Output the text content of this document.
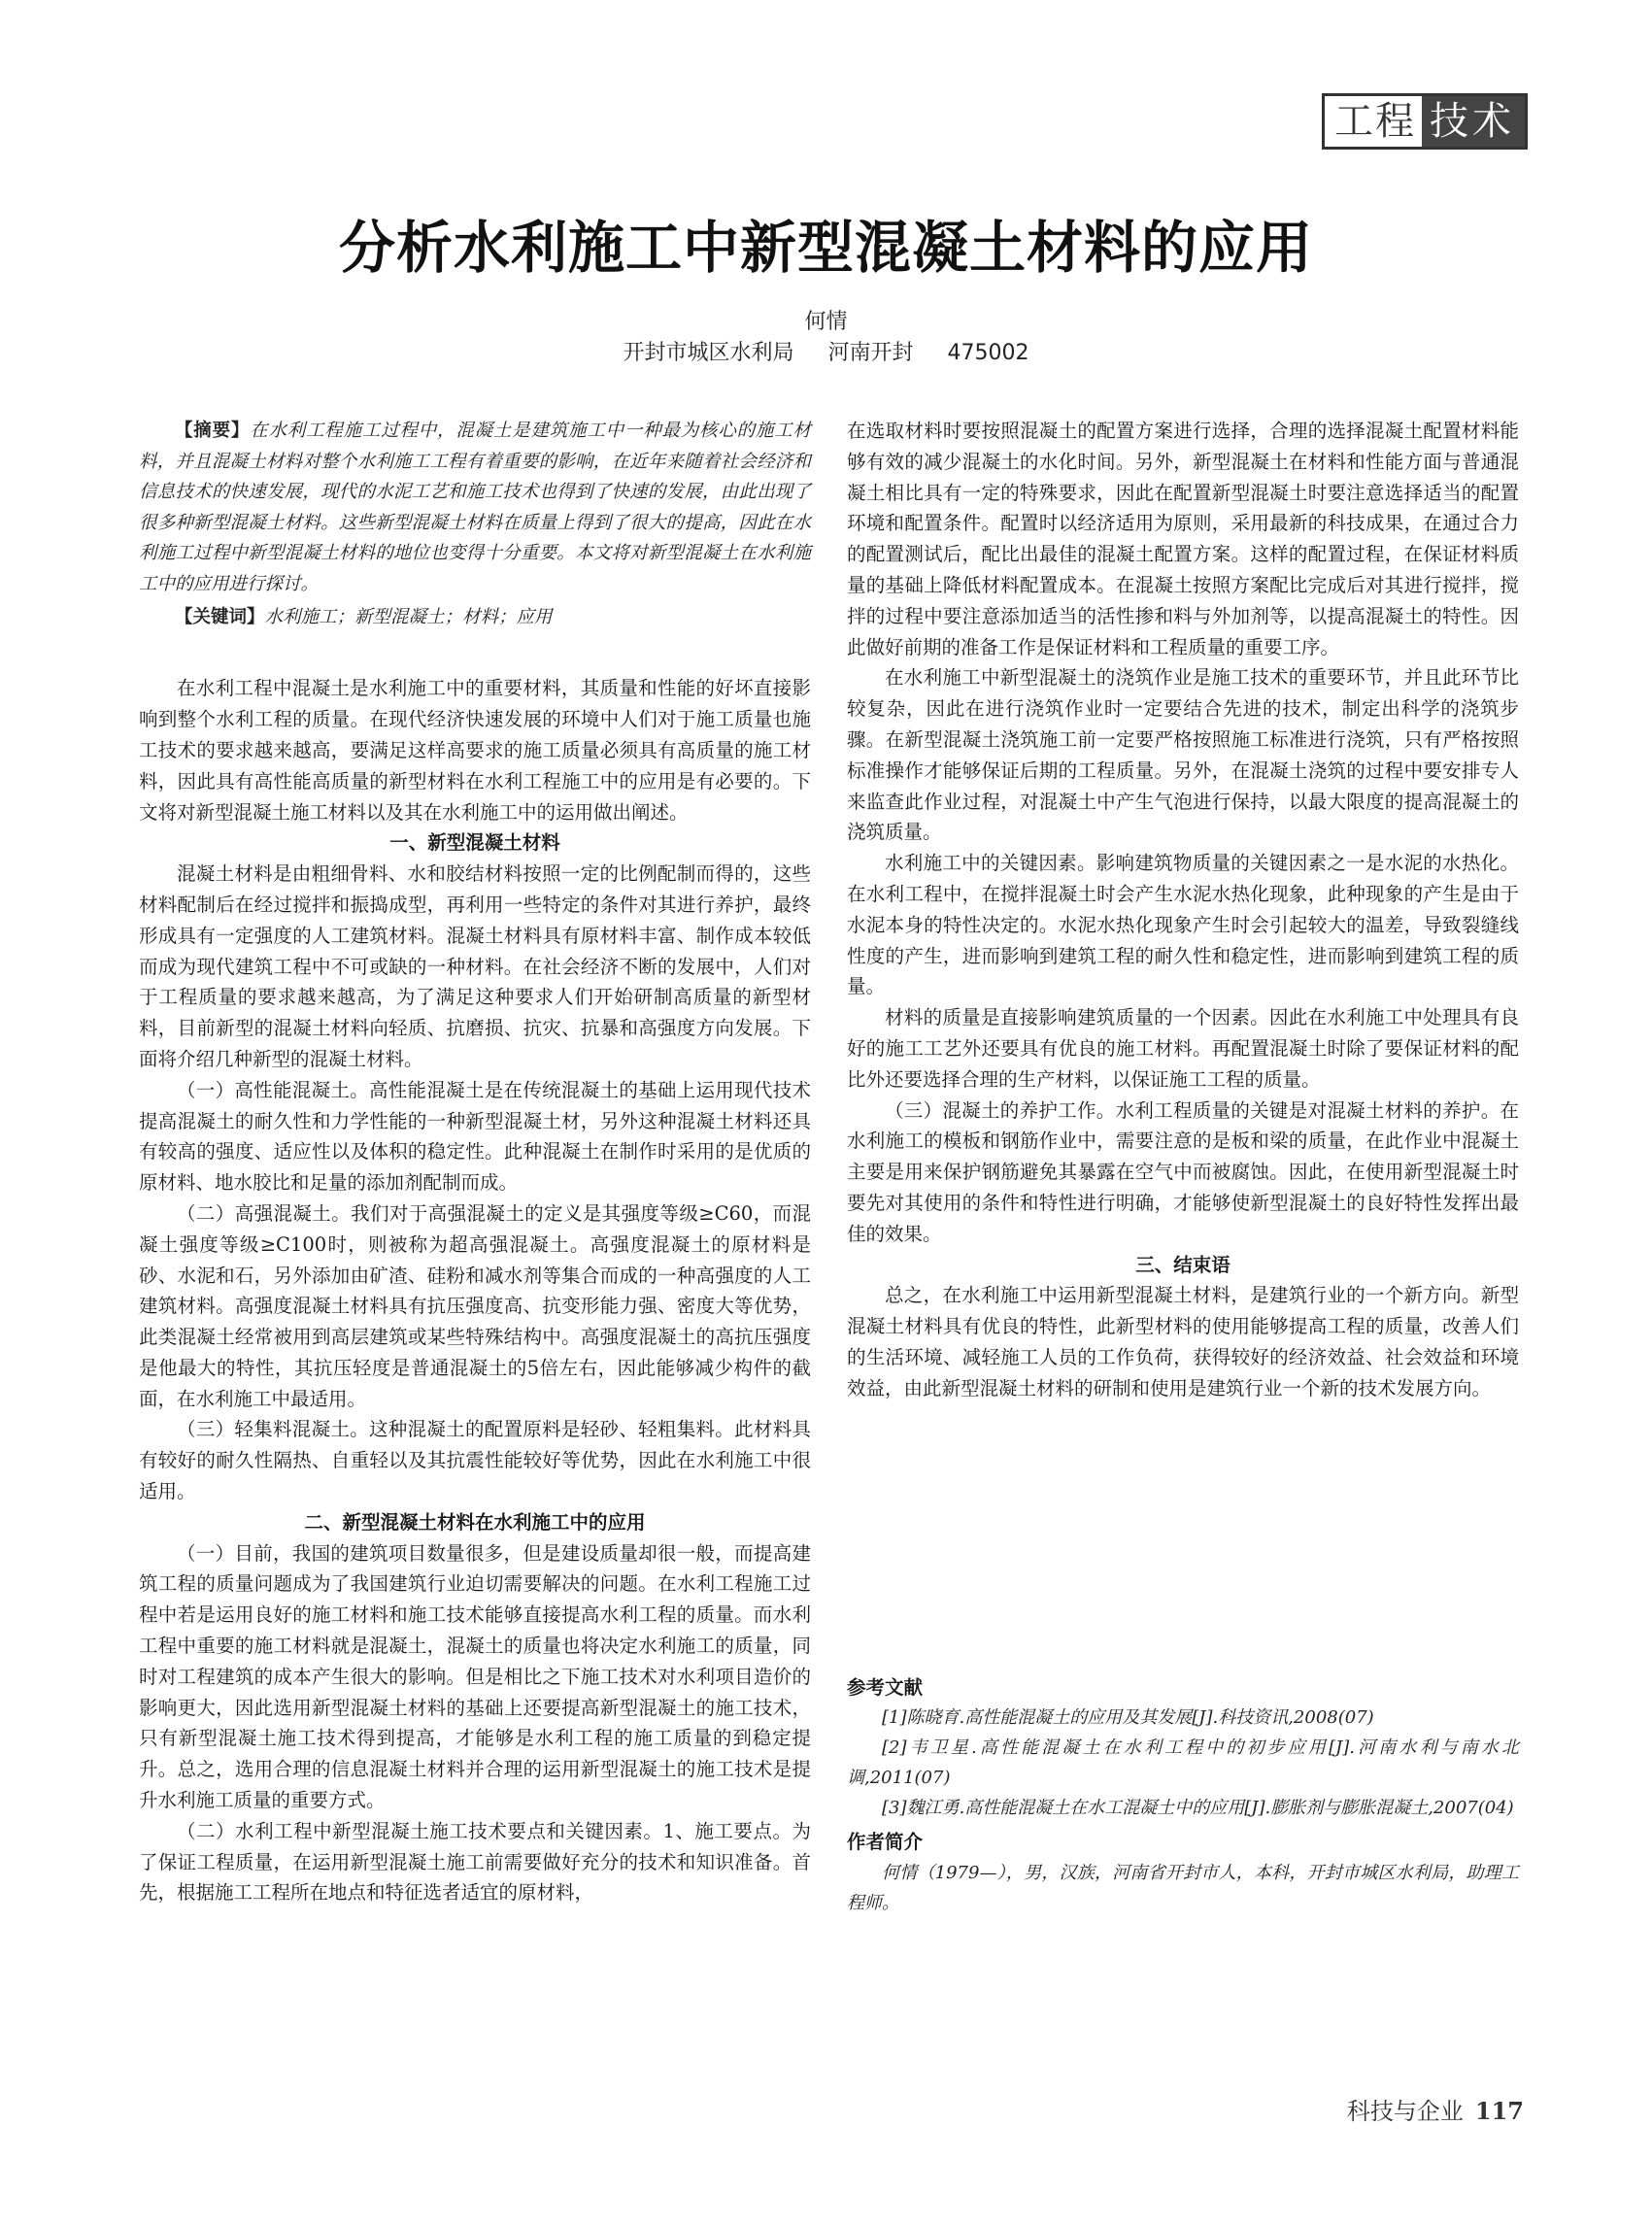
工程 技术
分析水利施工中新型混凝土材料的应用
何情
开封市城区水利局 河南开封 475002

【摘要】在水利工程施工过程中，混凝土是建筑施工中一种最为核心的施工材料，并且混凝土材料对整个水利施工工程有着重要的影响，在近年来随着社会经济和信息技术的快速发展，现代的水泥工艺和施工技术也得到了快速的发展，由此出现了很多种新型混凝土材料。这些新型混凝土材料在质量上得到了很大的提高，因此在水利施工过程中新型混凝土材料的地位也变得十分重要。本文将对新型混凝土在水利施工中的应用进行探讨。

【关键词】水利施工；新型混凝土；材料；应用

在水利工程中混凝土是水利施工中的重要材料，其质量和性能的好坏直接影响到整个水利工程的质量。在现代经济快速发展的环境中人们对于施工质量也施工技术的要求越来越高，要满足这样高要求的施工质量必须具有高质量的施工材料，因此具有高性能高质量的新型材料在水利工程施工中的应用是有必要的。下文将对新型混凝土施工材料以及其在水利施工中的运用做出阐述。

一、新型混凝土材料

混凝土材料是由粗细骨料、水和胶结材料按照一定的比例配制而得的，这些材料配制后在经过搅拌和振捣成型，再利用一些特定的条件对其进行养护，最终形成具有一定强度的人工建筑材料。混凝土材料具有原材料丰富、制作成本较低而成为现代建筑工程中不可或缺的一种材料。在社会经济不断的发展中，人们对于工程质量的要求越来越高，为了满足这种要求人们开始研制高质量的新型材料，目前新型的混凝土材料向轻质、抗磨损、抗灾、抗暴和高强度方向发展。下面将介绍几种新型的混凝土材料。

（一）高性能混凝土。高性能混凝土是在传统混凝土的基础上运用现代技术提高混凝土的耐久性和力学性能的一种新型混凝土材，另外这种混凝土材料还具有较高的强度、适应性以及体积的稳定性。此种混凝土在制作时采用的是优质的原材料、地水胶比和足量的添加剂配制而成。

（二）高强混凝土。我们对于高强混凝土的定义是其强度等级≥C60，而混凝土强度等级≥C100时，则被称为超高强混凝土。高强度混凝土的原材料是砂、水泥和石，另外添加由矿渣、硅粉和减水剂等集合而成的一种高强度的人工建筑材料。高强度混凝土材料具有抗压强度高、抗变形能力强、密度大等优势，此类混凝土经常被用到高层建筑或某些特殊结构中。高强度混凝土的高抗压强度是他最大的特性，其抗压轻度是普通混凝土的5倍左右，因此能够减少构件的截面，在水利施工中最适用。

（三）轻集料混凝土。这种混凝土的配置原料是轻砂、轻粗集料。此材料具有较好的耐久性隔热、自重轻以及其抗震性能较好等优势，因此在水利施工中很适用。

二、新型混凝土材料在水利施工中的应用

（一）目前，我国的建筑项目数量很多，但是建设质量却很一般，而提高建筑工程的质量问题成为了我国建筑行业迫切需要解决的问题。在水利工程施工过程中若是运用良好的施工材料和施工技术能够直接提高水利工程的质量。而水利工程中重要的施工材料就是混凝土，混凝土的质量也将决定水利施工的质量，同时对工程建筑的成本产生很大的影响。但是相比之下施工技术对水利项目造价的影响更大，因此选用新型混凝土材料的基础上还要提高新型混凝土的施工技术，只有新型混凝土施工技术得到提高，才能够是水利工程的施工质量的到稳定提升。总之，选用合理的信息混凝土材料并合理的运用新型混凝土的施工技术是提升水利施工质量的重要方式。

（二）水利工程中新型混凝土施工技术要点和关键因素。1、施工要点。为了保证工程质量，在运用新型混凝土施工前需要做好充分的技术和知识准备。首先，根据施工工程所在地点和特征选者适宜的原材料，

在选取材料时要按照混凝土的配置方案进行选择，合理的选择混凝土配置材料能够有效的减少混凝土的水化时间。另外，新型混凝土在材料和性能方面与普通混凝土相比具有一定的特殊要求，因此在配置新型混凝土时要注意选择适当的配置环境和配置条件。配置时以经济适用为原则，采用最新的科技成果，在通过合力的配置测试后，配比出最佳的混凝土配置方案。这样的配置过程，在保证材料质量的基础上降低材料配置成本。在混凝土按照方案配比完成后对其进行搅拌，搅拌的过程中要注意添加适当的活性掺和料与外加剂等，以提高混凝土的特性。因此做好前期的准备工作是保证材料和工程质量的重要工序。

在水利施工中新型混凝土的浇筑作业是施工技术的重要环节，并且此环节比较复杂，因此在进行浇筑作业时一定要结合先进的技术，制定出科学的浇筑步骤。在新型混凝土浇筑施工前一定要严格按照施工标准进行浇筑，只有严格按照标准操作才能够保证后期的工程质量。另外，在混凝土浇筑的过程中要安排专人来监查此作业过程，对混凝土中产生气泡进行保持，以最大限度的提高混凝土的浇筑质量。

水利施工中的关键因素。影响建筑物质量的关键因素之一是水泥的水热化。在水利工程中，在搅拌混凝土时会产生水泥水热化现象，此种现象的产生是由于水泥本身的特性决定的。水泥水热化现象产生时会引起较大的温差，导致裂缝线性度的产生，进而影响到建筑工程的耐久性和稳定性，进而影响到建筑工程的质量。

材料的质量是直接影响建筑质量的一个因素。因此在水利施工中处理具有良好的施工工艺外还要具有优良的施工材料。再配置混凝土时除了要保证材料的配比外还要选择合理的生产材料，以保证施工工程的质量。

（三）混凝土的养护工作。水利工程质量的关键是对混凝土材料的养护。在水利施工的模板和钢筋作业中，需要注意的是板和梁的质量，在此作业中混凝土主要是用来保护钢筋避免其暴露在空气中而被腐蚀。因此，在使用新型混凝土时要先对其使用的条件和特性进行明确，才能够使新型混凝土的良好特性发挥出最佳的效果。

三、结束语

总之，在水利施工中运用新型混凝土材料，是建筑行业的一个新方向。新型混凝土材料具有优良的特性，此新型材料的使用能够提高工程的质量，改善人们的生活环境、减轻施工人员的工作负荷，获得较好的经济效益、社会效益和环境效益，由此新型混凝土材料的研制和使用是建筑行业一个新的技术发展方向。

参考文献

[1]陈晓育.高性能混凝土的应用及其发展[J].科技资讯,2008(07)

[2]韦卫星.高性能混凝土在水利工程中的初步应用[J].河南水利与南水北调,2011(07)

[3]魏江勇.高性能混凝土在水工混凝土中的应用[J].膨胀剂与膨胀混凝土,2007(04)

作者简介

何情（1979—），男，汉族，河南省开封市人，本科，开封市城区水利局，助理工程师。

科技与企业 117
